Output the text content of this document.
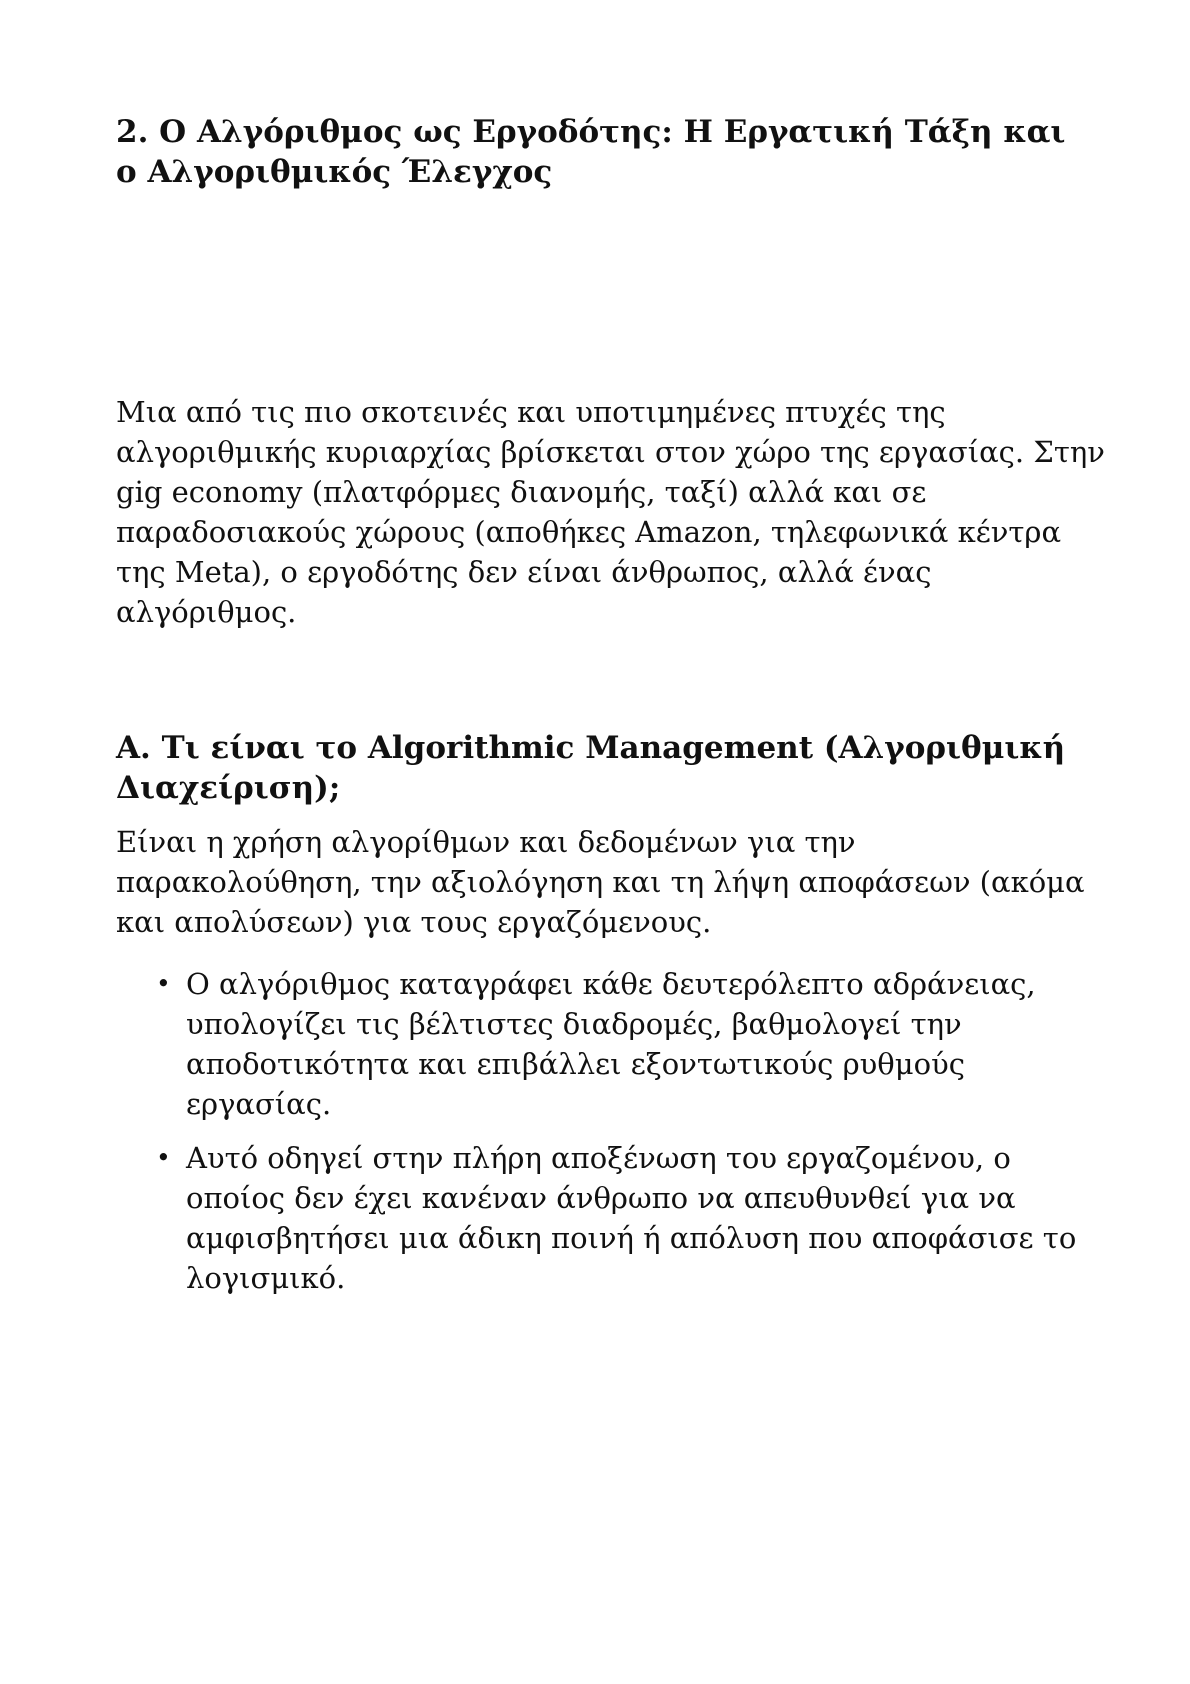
2. Ο Αλγόριθμος ως Εργοδότης: Η Εργατική Τάξη και ο Αλγοριθμικός Έλεγχος

Μια από τις πιο σκοτεινές και υποτιμημένες πτυχές της αλγοριθμικής κυριαρχίας βρίσκεται στον χώρο της εργασίας. Στην gig economy (πλατφόρμες διανομής, ταξί) αλλά και σε παραδοσιακούς χώρους (αποθήκες Amazon, τηλεφωνικά κέντρα της Meta), ο εργοδότης δεν είναι άνθρωπος, αλλά ένας αλγόριθμος.

Α. Τι είναι το Algorithmic Management (Αλγοριθμική Διαχείριση);

Είναι η χρήση αλγορίθμων και δεδομένων για την παρακολούθηση, την αξιολόγηση και τη λήψη αποφάσεων (ακόμα και απολύσεων) για τους εργαζόμενους.

• Ο αλγόριθμος καταγράφει κάθε δευτερόλεπτο αδράνειας, υπολογίζει τις βέλτιστες διαδρομές, βαθμολογεί την αποδοτικότητα και επιβάλλει εξοντωτικούς ρυθμούς εργασίας.
• Αυτό οδηγεί στην πλήρη αποξένωση του εργαζομένου, ο οποίος δεν έχει κανέναν άνθρωπο να απευθυνθεί για να αμφισβητήσει μια άδικη ποινή ή απόλυση που αποφάσισε το λογισμικό.
